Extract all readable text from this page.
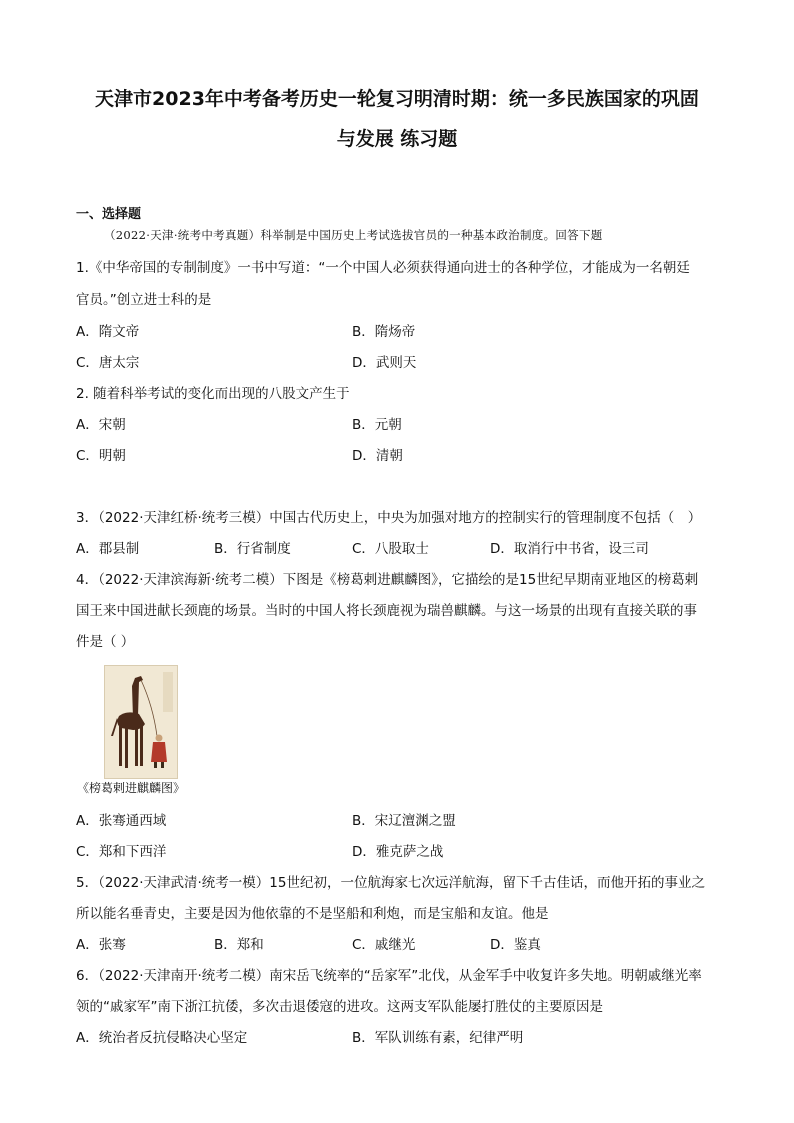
天津市2023年中考备考历史一轮复习明清时期：统一多民族国家的巩固
与发展 练习题
一、选择题
（2022·天津·统考中考真题）科举制是中国历史上考试选拔官员的一种基本政治制度。回答下题
1.《中华帝国的专制制度》一书中写道：“一个中国人必须获得通向进士的各种学位，才能成为一名朝廷
官员。”创立进士科的是
A．隋文帝	B．隋炀帝
C．唐太宗	D．武则天
2. 随着科举考试的变化而出现的八股文产生于
A．宋朝	B．元朝
C．明朝	D．清朝
3．（2022·天津红桥·统考三模）中国古代历史上，中央为加强对地方的控制实行的管理制度不包括（　）
A．郡县制	B．行省制度	C．八股取士	D．取消行中书省，设三司
4．（2022·天津滨海新·统考二模）下图是《榜葛剌进麒麟图》，它描绘的是15世纪早期南亚地区的榜葛剌
国王来中国进献长颈鹿的场景。当时的中国人将长颈鹿视为瑞兽麒麟。与这一场景的出现有直接关联的事
件是（ ）
《榜葛剌进麒麟图》
A．张骞通西域	B．宋辽澶渊之盟
C．郑和下西洋	D．雅克萨之战
5．（2022·天津武清·统考一模）15世纪初，一位航海家七次远洋航海，留下千古佳话，而他开拓的事业之
所以能名垂青史，主要是因为他依靠的不是坚船和利炮，而是宝船和友谊。他是
A．张骞	B．郑和	C．戚继光	D．鉴真
6．（2022·天津南开·统考二模）南宋岳飞统率的“岳家军”北伐，从金军手中收复许多失地。明朝戚继光率
领的“戚家军”南下浙江抗倭，多次击退倭寇的进攻。这两支军队能屡打胜仗的主要原因是
A．统治者反抗侵略决心坚定	B．军队训练有素，纪律严明
